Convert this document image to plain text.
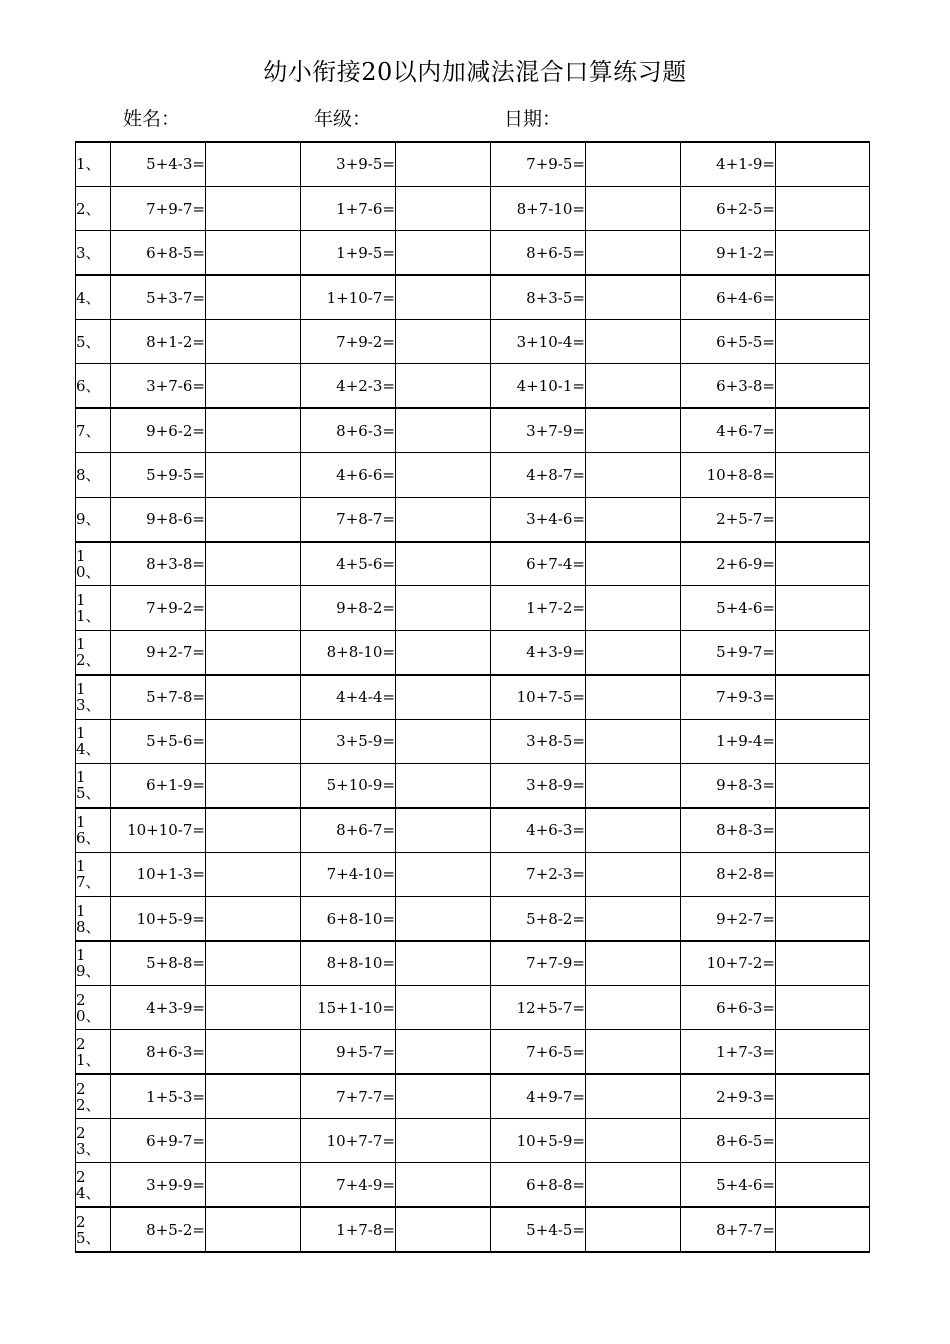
幼小衔接20以内加减法混合口算练习题
姓名：	年级：	日期：
1、	5+4-3=		3+9-5=		7+9-5=		4+1-9=	
2、	7+9-7=		1+7-6=		8+7-10=		6+2-5=	
3、	6+8-5=		1+9-5=		8+6-5=		9+1-2=	
4、	5+3-7=		1+10-7=		8+3-5=		6+4-6=	
5、	8+1-2=		7+9-2=		3+10-4=		6+5-5=	
6、	3+7-6=		4+2-3=		4+10-1=		6+3-8=	
7、	9+6-2=		8+6-3=		3+7-9=		4+6-7=	
8、	5+9-5=		4+6-6=		4+8-7=		10+8-8=	
9、	9+8-6=		7+8-7=		3+4-6=		2+5-7=	
10、	8+3-8=		4+5-6=		6+7-4=		2+6-9=	
11、	7+9-2=		9+8-2=		1+7-2=		5+4-6=	
12、	9+2-7=		8+8-10=		4+3-9=		5+9-7=	
13、	5+7-8=		4+4-4=		10+7-5=		7+9-3=	
14、	5+5-6=		3+5-9=		3+8-5=		1+9-4=	
15、	6+1-9=		5+10-9=		3+8-9=		9+8-3=	
16、	10+10-7=		8+6-7=		4+6-3=		8+8-3=	
17、	10+1-3=		7+4-10=		7+2-3=		8+2-8=	
18、	10+5-9=		6+8-10=		5+8-2=		9+2-7=	
19、	5+8-8=		8+8-10=		7+7-9=		10+7-2=	
20、	4+3-9=		15+1-10=		12+5-7=		6+6-3=	
21、	8+6-3=		9+5-7=		7+6-5=		1+7-3=	
22、	1+5-3=		7+7-7=		4+9-7=		2+9-3=	
23、	6+9-7=		10+7-7=		10+5-9=		8+6-5=	
24、	3+9-9=		7+4-9=		6+8-8=		5+4-6=	
25、	8+5-2=		1+7-8=		5+4-5=		8+7-7=	
